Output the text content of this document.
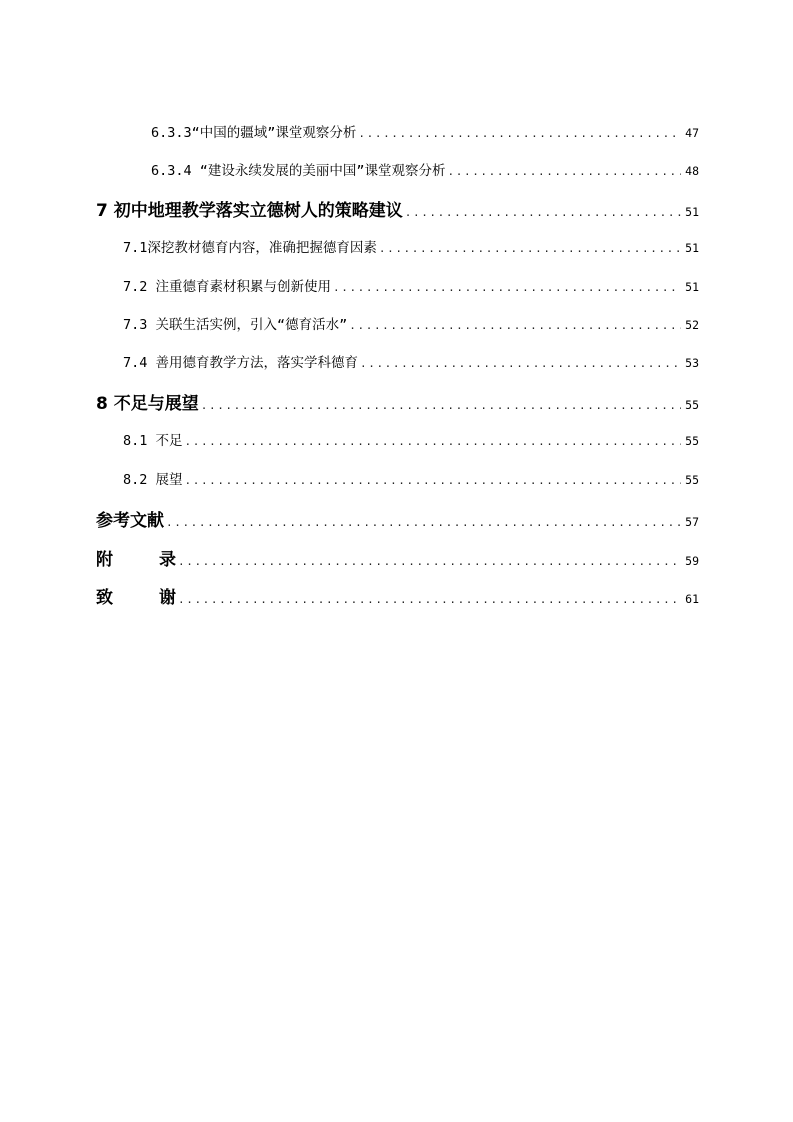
6.3.3“中国的疆域”课堂观察分析 .....	47
6.3.4 “建设永续发展的美丽中国”课堂观察分析 .....	48
7 初中地理教学落实立德树人的策略建议 .....	51
7.1深挖教材德育内容，准确把握德育因素 .....	51
7.2 注重德育素材积累与创新使用 .....	51
7.3 关联生活实例，引入“德育活水” .....	52
7.4 善用德育教学方法，落实学科德育 .....	53
8 不足与展望 .....	55
8.1 不足 .....	55
8.2 展望 .....	55
参考文献 .....	57
附	录 .....	59
致	谢 .....	61
